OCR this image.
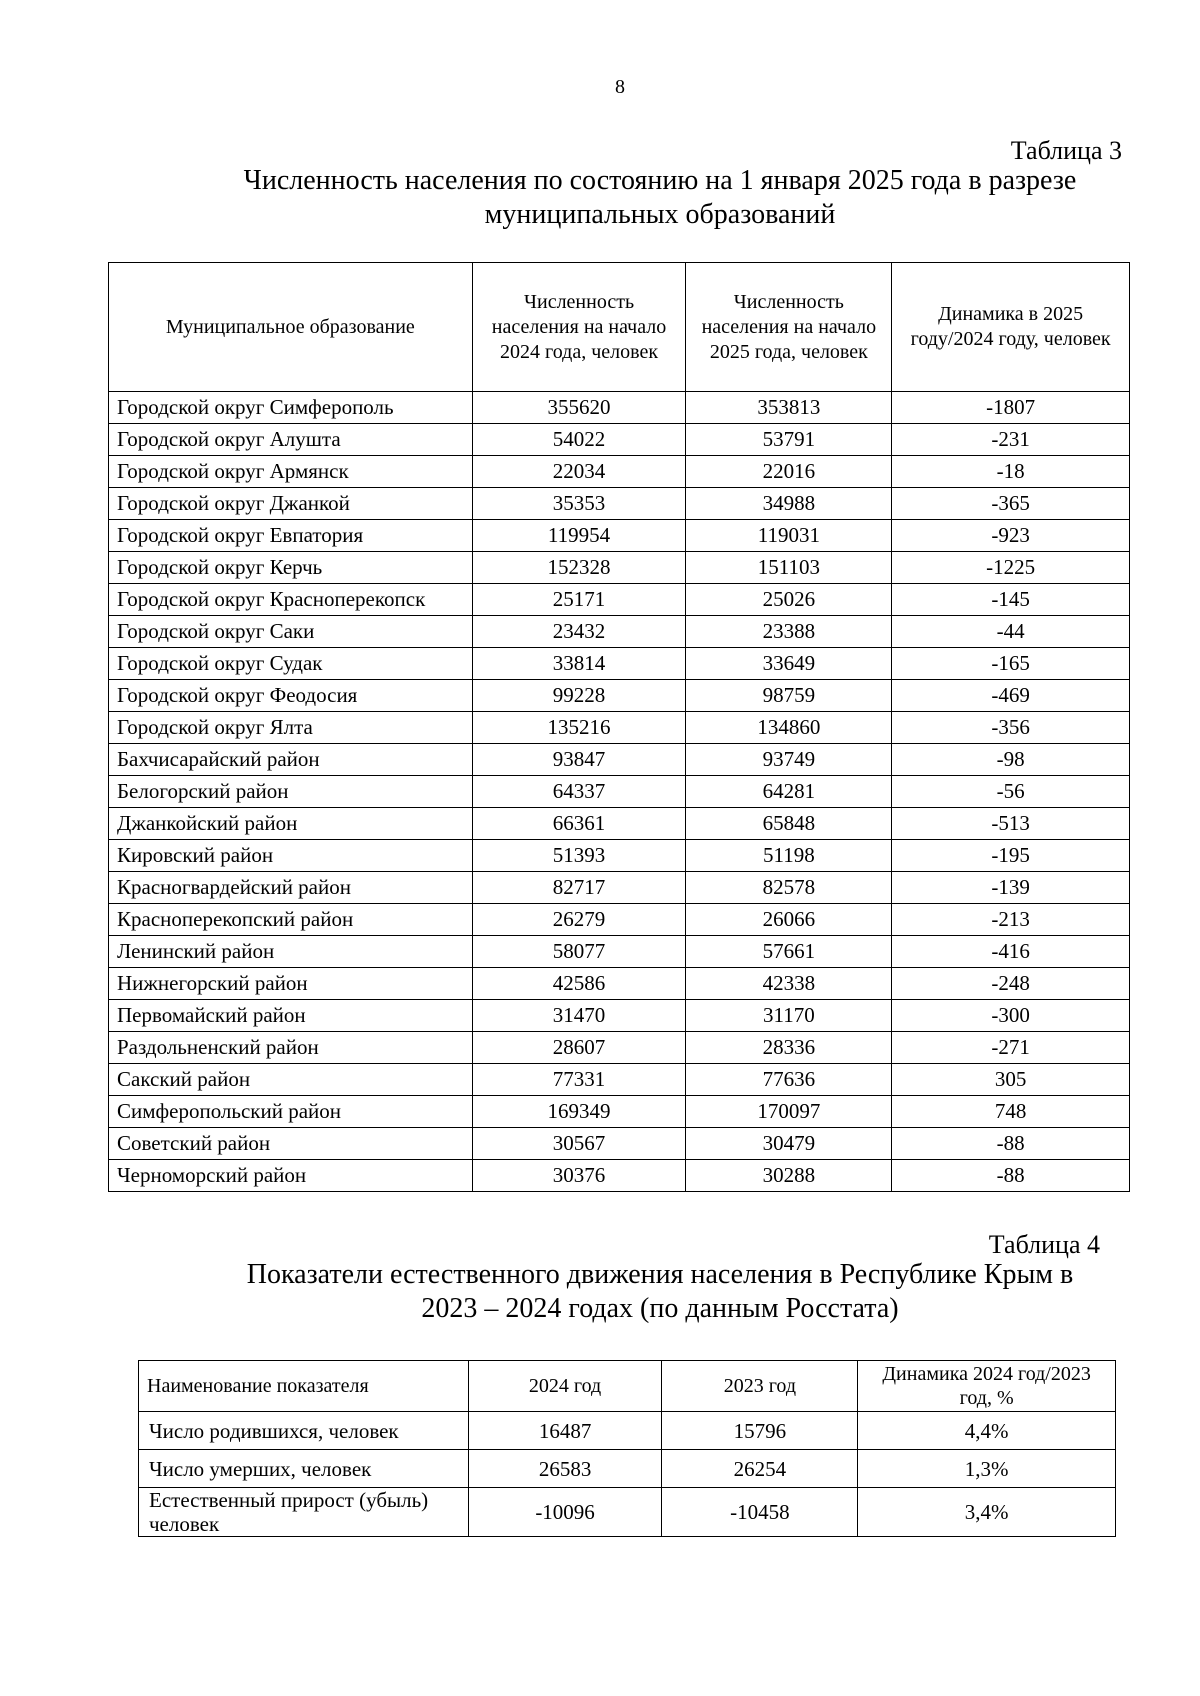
8
Таблица 3
Численность населения по состоянию на 1 января 2025 года в разрезе муниципальных образований
Муниципальное образование	Численность населения на начало 2024 года, человек	Численность населения на начало 2025 года, человек	Динамика в 2025 году/2024 году, человек
Городской округ Симферополь	355620	353813	-1807
Городской округ Алушта	54022	53791	-231
Городской округ Армянск	22034	22016	-18
Городской округ Джанкой	35353	34988	-365
Городской округ Евпатория	119954	119031	-923
Городской округ Керчь	152328	151103	-1225
Городской округ Красноперекопск	25171	25026	-145
Городской округ Саки	23432	23388	-44
Городской округ Судак	33814	33649	-165
Городской округ Феодосия	99228	98759	-469
Городской округ Ялта	135216	134860	-356
Бахчисарайский район	93847	93749	-98
Белогорский район	64337	64281	-56
Джанкойский район	66361	65848	-513
Кировский район	51393	51198	-195
Красногвардейский район	82717	82578	-139
Красноперекопский район	26279	26066	-213
Ленинский район	58077	57661	-416
Нижнегорский район	42586	42338	-248
Первомайский район	31470	31170	-300
Раздольненский район	28607	28336	-271
Сакский район	77331	77636	305
Симферопольский район	169349	170097	748
Советский район	30567	30479	-88
Черноморский район	30376	30288	-88
Таблица 4
Показатели естественного движения населения в Республике Крым в 2023 – 2024 годах (по данным Росстата)
Наименование показателя	2024 год	2023 год	Динамика 2024 год/2023 год, %
Число родившихся, человек	16487	15796	4,4%
Число умерших, человек	26583	26254	1,3%
Естественный прирост (убыль) человек	-10096	-10458	3,4%
